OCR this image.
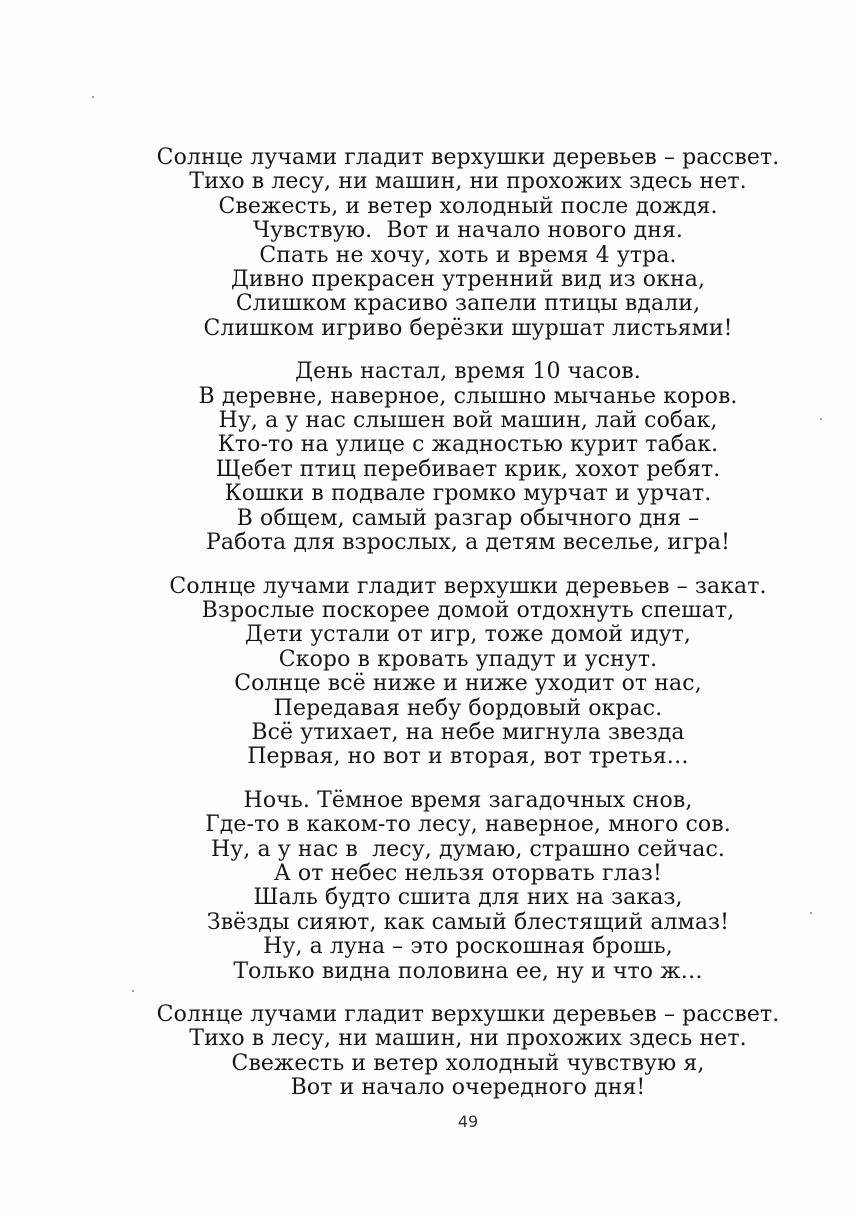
Солнце лучами гладит верхушки деревьев – рассвет.
Тихо в лесу, ни машин, ни прохожих здесь нет.
Свежесть, и ветер холодный после дождя.
Чувствую.  Вот и начало нового дня.
Спать не хочу, хоть и время 4 утра.
Дивно прекрасен утренний вид из окна,
Слишком красиво запели птицы вдали,
Слишком игриво берёзки шуршат листьями!
День настал, время 10 часов.
В деревне, наверное, слышно мычанье коров.
Ну, а у нас слышен вой машин, лай собак,
Кто-то на улице с жадностью курит табак.
Щебет птиц перебивает крик, хохот ребят.
Кошки в подвале громко мурчат и урчат.
В общем, самый разгар обычного дня –
Работа для взрослых, а детям веселье, игра!
Солнце лучами гладит верхушки деревьев – закат.
Взрослые поскорее домой отдохнуть спешат,
Дети устали от игр, тоже домой идут,
Скоро в кровать упадут и уснут.
Солнце всё ниже и ниже уходит от нас,
Передавая небу бордовый окрас.
Всё утихает, на небе мигнула звезда
Первая, но вот и вторая, вот третья…
Ночь. Тёмное время загадочных снов,
Где-то в каком-то лесу, наверное, много сов.
Ну, а у нас в  лесу, думаю, страшно сейчас.
А от небес нельзя оторвать глаз!
Шаль будто сшита для них на заказ,
Звёзды сияют, как самый блестящий алмаз!
Ну, а луна – это роскошная брошь,
Только видна половина ее, ну и что ж…
Солнце лучами гладит верхушки деревьев – рассвет.
Тихо в лесу, ни машин, ни прохожих здесь нет.
Свежесть и ветер холодный чувствую я,
Вот и начало очередного дня!
49
